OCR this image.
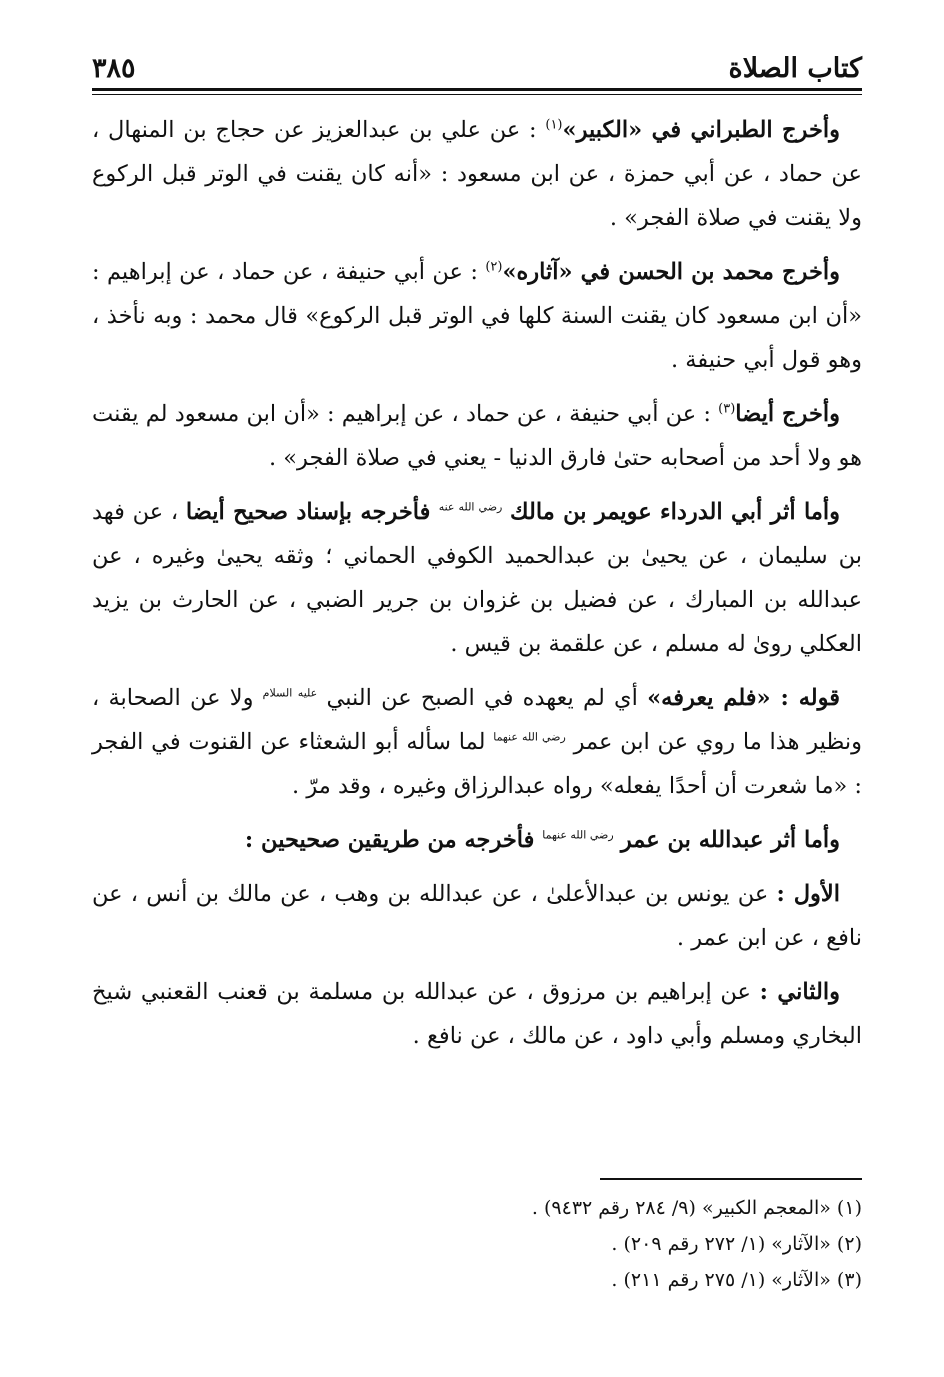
كتاب الصلاة
٣٨٥

وأخرج الطبراني في «الكبير»$^{(١)}$ : عن علي بن عبدالعزيز عن حجاج بن المنهال ، عن حماد ، عن أبي حمزة ، عن ابن مسعود : «أنه كان يقنت في الوتر قبل الركوع ولا يقنت في صلاة الفجر» .

وأخرج محمد بن الحسن في «آثاره»$^{(٢)}$ : عن أبي حنيفة ، عن حماد ، عن إبراهيم : «أن ابن مسعود كان يقنت السنة كلها في الوتر قبل الركوع» قال محمد : وبه نأخذ ، وهو قول أبي حنيفة .

وأخرج أيضا$^{(٣)}$ : عن أبي حنيفة ، عن حماد ، عن إبراهيم : «أن ابن مسعود لم يقنت هو ولا أحد من أصحابه حتىٰ فارق الدنيا - يعني في صلاة الفجر» .

وأما أثر أبي الدرداء عويمر بن مالك $^{رضي الله عنه}$ فأخرجه بإسناد صحيح أيضا ، عن فهد بن سليمان ، عن يحيىٰ بن عبدالحميد الكوفي الحماني ؛ وثقه يحيىٰ وغيره ، عن عبدالله بن المبارك ، عن فضيل بن غزوان بن جرير الضبي ، عن الحارث بن يزيد العكلي روىٰ له مسلم ، عن علقمة بن قيس .

قوله : «فلم يعرفه» أي لم يعهده في الصبح عن النبي $^{عليه السلام}$ ولا عن الصحابة ، ونظير هذا ما روي عن ابن عمر $^{رضي الله عنهما}$ لما سأله أبو الشعثاء عن القنوت في الفجر : «ما شعرت أن أحدًا يفعله» رواه عبدالرزاق وغيره ، وقد مرّ .

وأما أثر عبدالله بن عمر $^{رضي الله عنهما}$ فأخرجه من طريقين صحيحين :

الأول : عن يونس بن عبدالأعلىٰ ، عن عبدالله بن وهب ، عن مالك بن أنس ، عن نافع ، عن ابن عمر .

والثاني : عن إبراهيم بن مرزوق ، عن عبدالله بن مسلمة بن قعنب القعنبي شيخ البخاري ومسلم وأبي داود ، عن مالك ، عن نافع .

(١) «المعجم الكبير» (٩/ ٢٨٤ رقم ٩٤٣٢) .

(٢) «الآثار» (١/ ٢٧٢ رقم ٢٠٩) .

(٣) «الآثار» (١/ ٢٧٥ رقم ٢١١) .
